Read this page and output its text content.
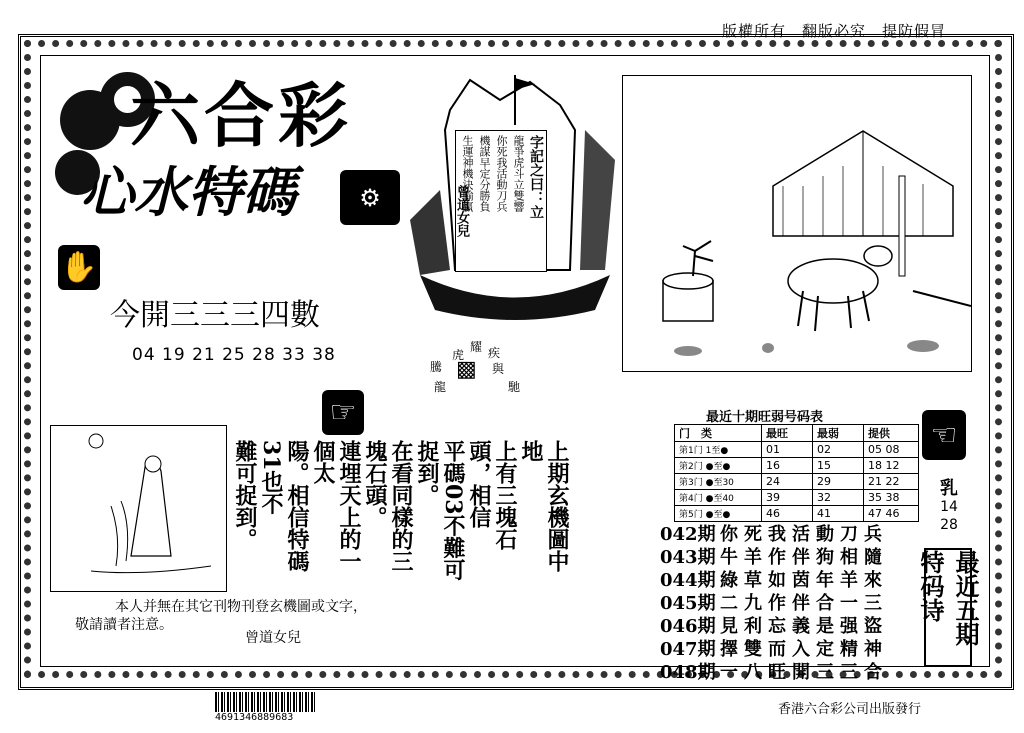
版權所有　翻版必究　提防假冒
六合彩
心水特碼	⚙
✋
今開三三三四數
04 19 21 25 28 33 38
字記之曰：立
龍爭虎斗立雙響
你死我活動刀兵
機謀早定分勝負
生運神機決輸贏
曾道女兒
虎
耀 疾
騰 ▩ 與
龍	馳
☞
上期玄機圖中地
上有三塊石頭，相信
平碼03不難可捉到。
在看同樣的三塊石頭。
連埋天上的一個太
陽。相信特碼31也不
難可捉到。
本人并無在其它刊物刊登玄機圖或文字，
敬請讀者注意。
曾道女兒
最近十期旺弱号码表
门　类	最旺	最弱	提供
第1门 1至●	01	02	05 08
第2门 ●至●	16	15	18 12
第3门 ●至30	24	29	21 22
第4门 ●至40	39	32	35 38
第5门 ●至●	46	41	47 46
042期 你死我活動刀兵
043期 牛羊作伴狗相隨
044期 綠草如茵年羊來
045期 二九作伴合一三
046期 見利忘義是强盜
047期 擇雙而入定精神
048期 一八旺開三三合
☜
乳
14
28
最近五期特码诗
4691346889683
香港六合彩公司出版發行
